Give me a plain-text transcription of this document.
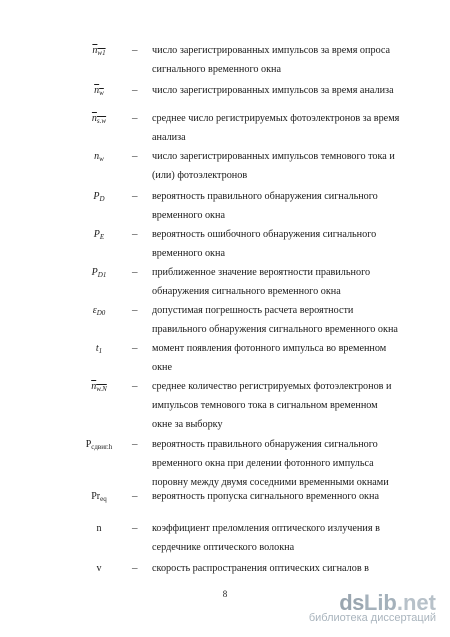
$n_{w1}$	– число зарегистрированных импульсов за время опроса сигнального временного окна
$n_w$	– число зарегистрированных импульсов за время анализа
$n_{s.w}$	– среднее число регистрируемых фотоэлектронов за время анализа
$n_w$	– число зарегистрированных импульсов темнового тока и (или) фотоэлектронов
$P_D$	– вероятность правильного обнаружения сигнального временного окна
$P_E$	– вероятность ошибочного обнаружения сигнального временного окна
$P_{D1}$	– приближенное значение вероятности правильного обнаружения сигнального временного окна
$\varepsilon_{D0}$	– допустимая погрешность расчета вероятности правильного обнаружения сигнального временного окна
$t_1$	– момент появления фотонного импульса во временном окне
$n_{w.N}$	– среднее количество регистрируемых фотоэлектронов и импульсов темнового тока в сигнальном временном окне за выборку
$P_{сдвиг.h}$	– вероятность правильного обнаружения сигнального временного окна при делении фотонного импульса поровну между двумя соседними временными окнами
$Pr_{eq}$	– вероятность пропуска сигнального временного окна
n	– коэффициент преломления оптического излучения в сердечнике оптического волокна
v	– скорость распространения оптических сигналов в
8	ds Lib .net
библиотека диссертаций
